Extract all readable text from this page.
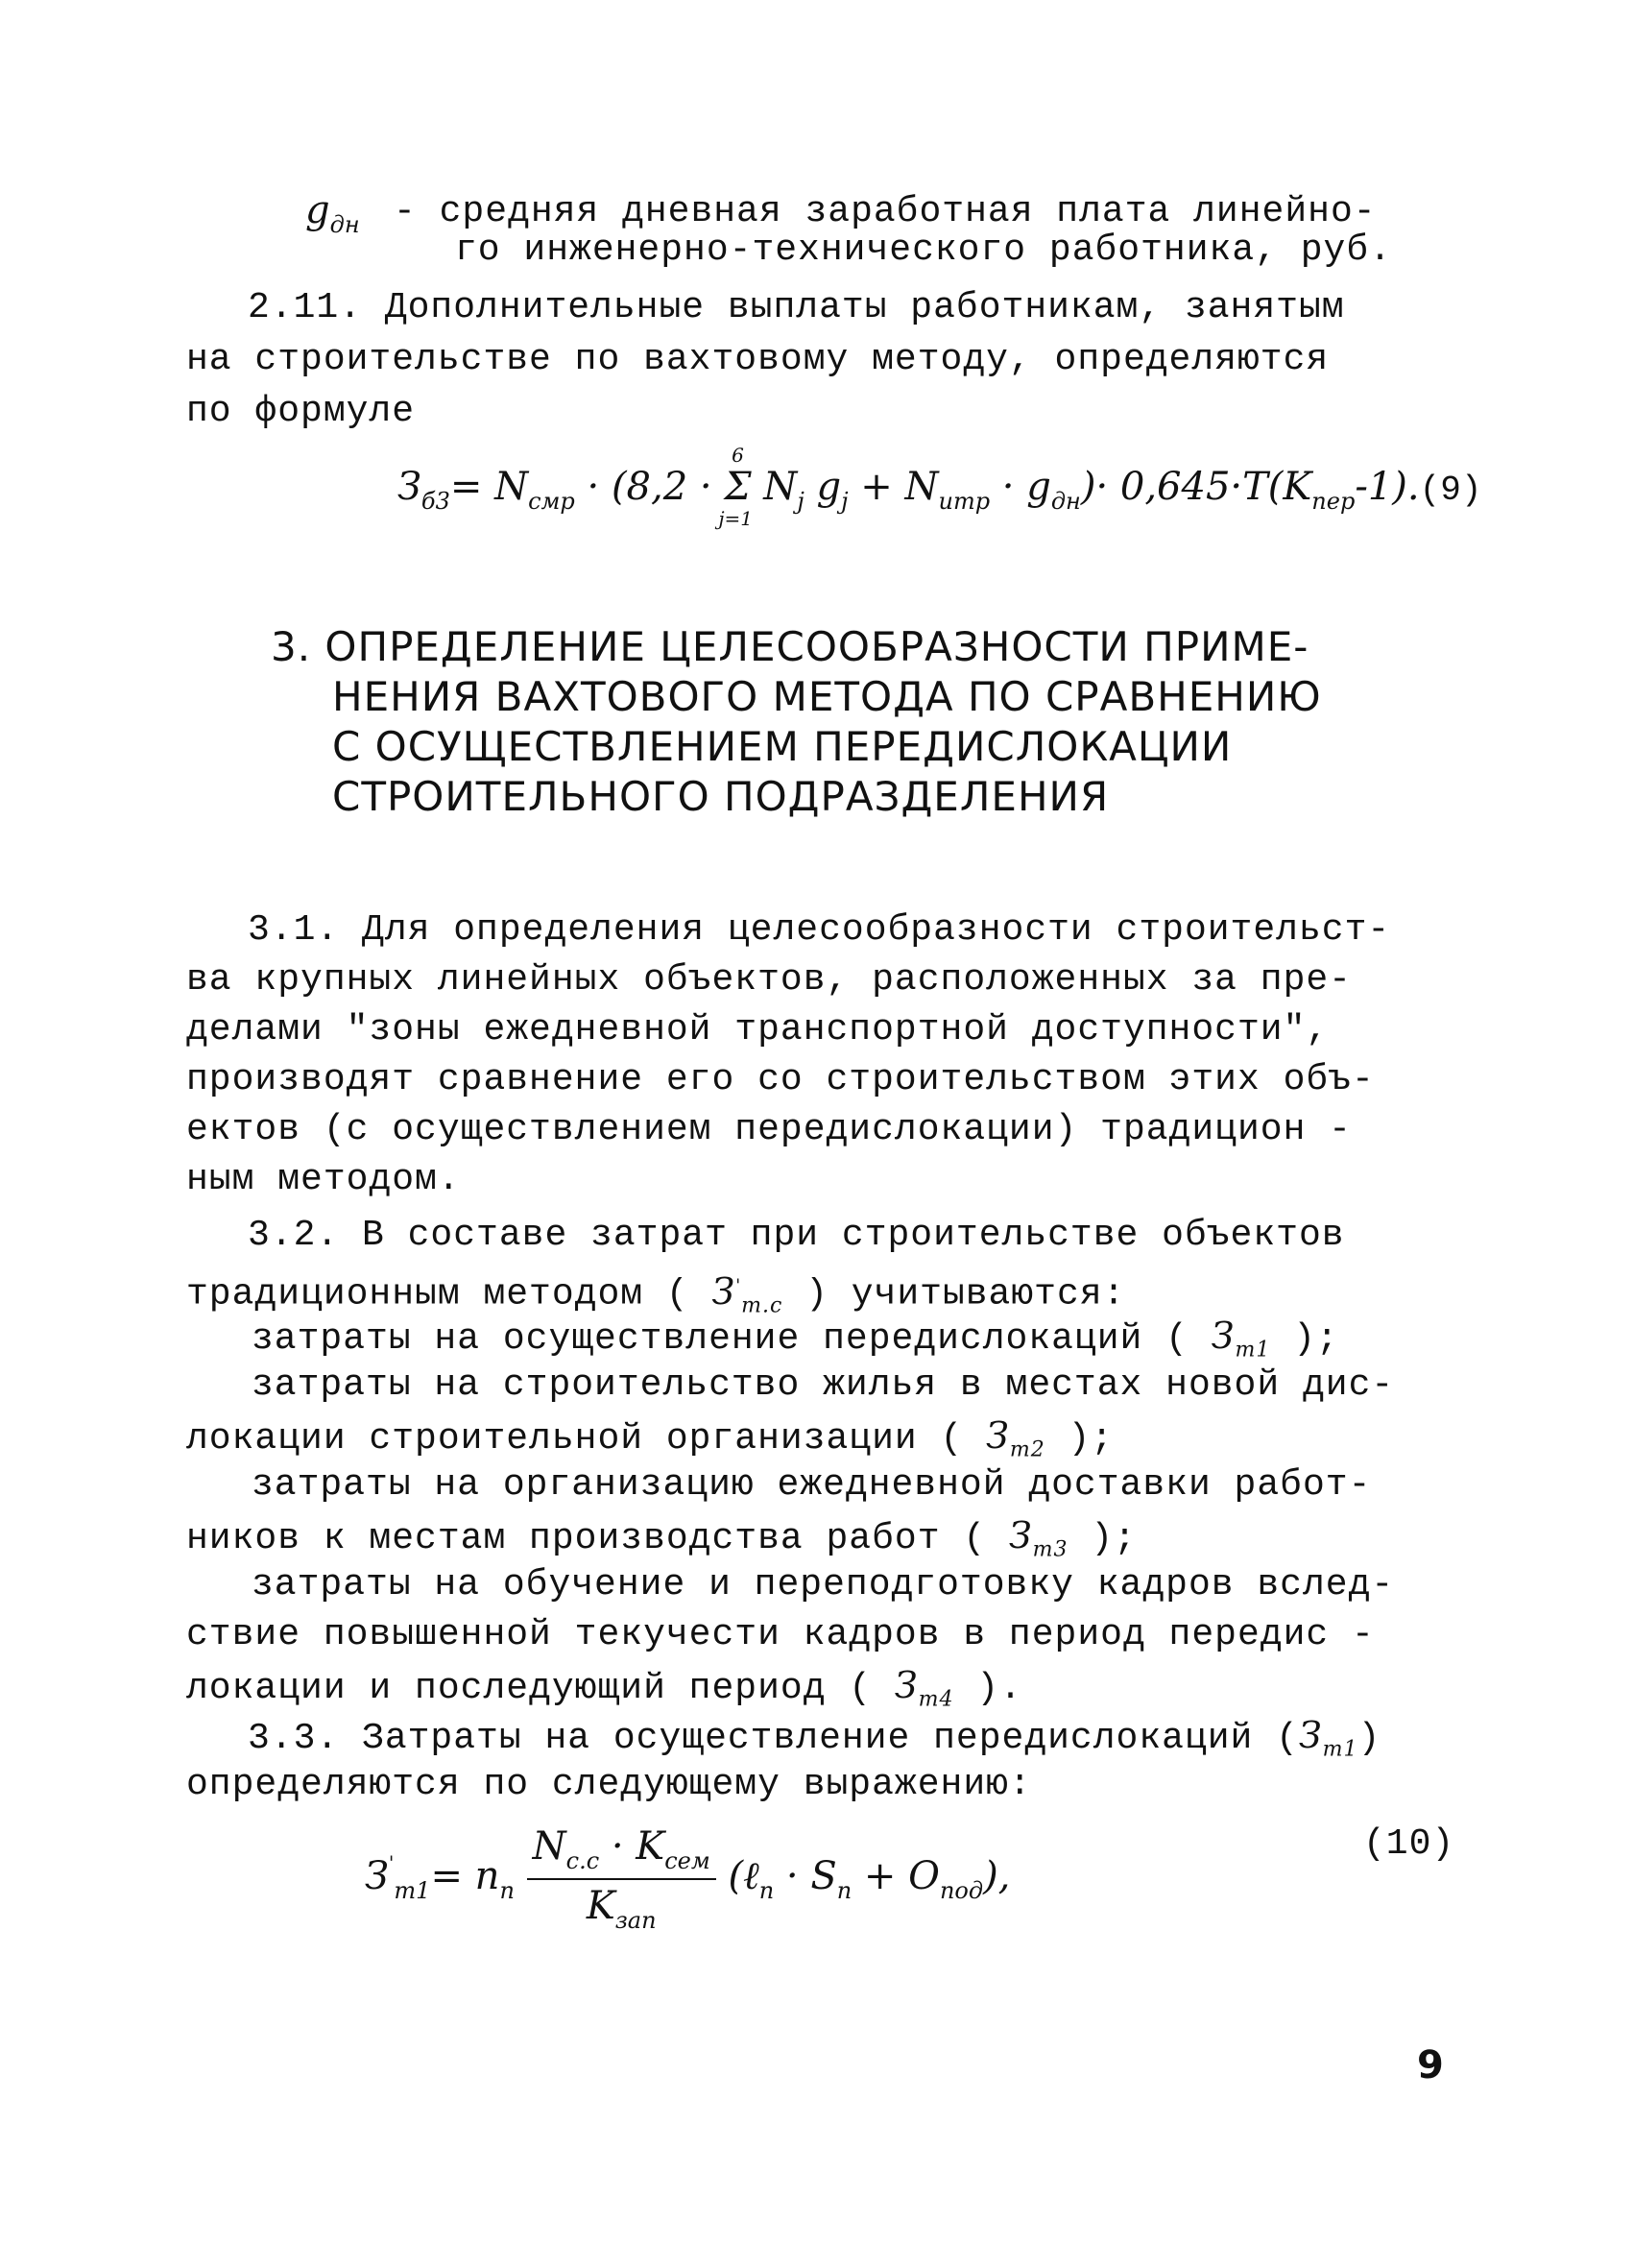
$g_{дн}$ - средняя дневная заработная плата линейно-
го инженерно-технического работника, руб.
2.11. Дополнительные выплаты работникам, занятым
на строительстве по вахтовому методу, определяются
по формуле
$З_{б3}= N_{смр} \cdot (8,2$ ·
6
Σ
j=1
$N_j$ $g_j + N_{итр} \cdot g_{дн})\cdot 0,645\cdot T(K_{пер}-1).(9)$
3. ОПРЕДЕЛЕНИЕ ЦЕЛЕСООБРАЗНОСТИ ПРИМЕ-
НЕНИЯ ВАХТОВОГО МЕТОДА ПО СРАВНЕНИЮ
С ОСУЩЕСТВЛЕНИЕМ ПЕРЕДИСЛОКАЦИИ
СТРОИТЕЛЬНОГО ПОДРАЗДЕЛЕНИЯ
3.1. Для определения целесообразности строительст-
ва крупных линейных объектов, расположенных за пре-
делами "зоны ежедневной транспортной доступности",
производят сравнение его со строительством этих объ-
ектов (с осуществлением передислокации) традицион -
ным методом.
3.2. В составе затрат при строительстве объектов
традиционным методом ( $З'_{т.с}$ ) учитываются:
затраты на осуществление передислокаций ( $З_{т1}$ );
затраты на строительство жилья в местах новой дис-
локации строительной организации ( $З_{т2}$ );
затраты на организацию ежедневной доставки работ-
ников к местам производства работ ( $З_{т3}$ );
затраты на обучение и переподготовку кадров вслед-
ствие повышенной текучести кадров в период передис -
локации и последующий период ( $З_{т4}$ ).
3.3. Затраты на осуществление передислокаций $(З_{т1})$
определяются по следующему выражению:
$З'_{т1}= n_п \frac{N_{с.с} \cdot K_{сем}}{K_{зап}}$ (ℓ$_п$ · $S_п + O_{под}$),
(10)
9
